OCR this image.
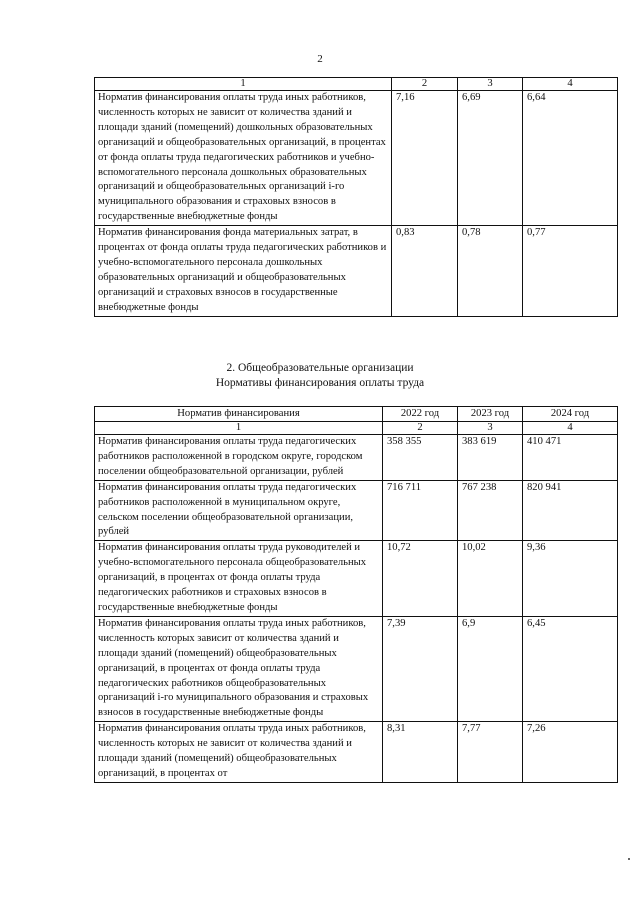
2
1	2	3	4
Норматив финансирования оплаты труда иных работников, численность которых не зависит от количества зданий и площади зданий (помещений) дошкольных образовательных организаций и общеобразовательных организаций, в процентах от фонда оплаты труда педагогических работников и учебно-вспомогательного персонала дошкольных образовательных организаций и общеобразовательных организаций i-го муниципального образования и страховых взносов в государственные внебюджетные фонды	7,16	6,69	6,64
Норматив финансирования фонда материальных затрат, в процентах от фонда оплаты труда педагогических работников и учебно-вспомогательного персонала дошкольных образовательных организаций и общеобразовательных организаций и страховых взносов в государственные внебюджетные фонды	0,83	0,78	0,77
2. Общеобразовательные организации
Нормативы финансирования оплаты труда
Норматив финансирования	2022 год	2023 год	2024 год
1	2	3	4
Норматив финансирования оплаты труда педагогических работников расположенной в городском округе, городском поселении общеобразовательной организации, рублей	358 355	383 619	410 471
Норматив финансирования оплаты труда педагогических работников расположенной в муниципальном округе, сельском поселении общеобразовательной организации, рублей	716 711	767 238	820 941
Норматив финансирования оплаты труда руководителей и учебно-вспомогательного персонала общеобразовательных организаций, в процентах от фонда оплаты труда педагогических работников и страховых взносов в государственные внебюджетные фонды	10,72	10,02	9,36
Норматив финансирования оплаты труда иных работников, численность которых зависит от количества зданий и площади зданий (помещений) общеобразовательных организаций, в процентах от фонда оплаты труда педагогических работников общеобразовательных организаций i-го муниципального образования и страховых взносов в государственные внебюджетные фонды	7,39	6,9	6,45
Норматив финансирования оплаты труда иных работников, численность которых не зависит от количества зданий и площади зданий (помещений) общеобразовательных организаций, в процентах от	8,31	7,77	7,26
